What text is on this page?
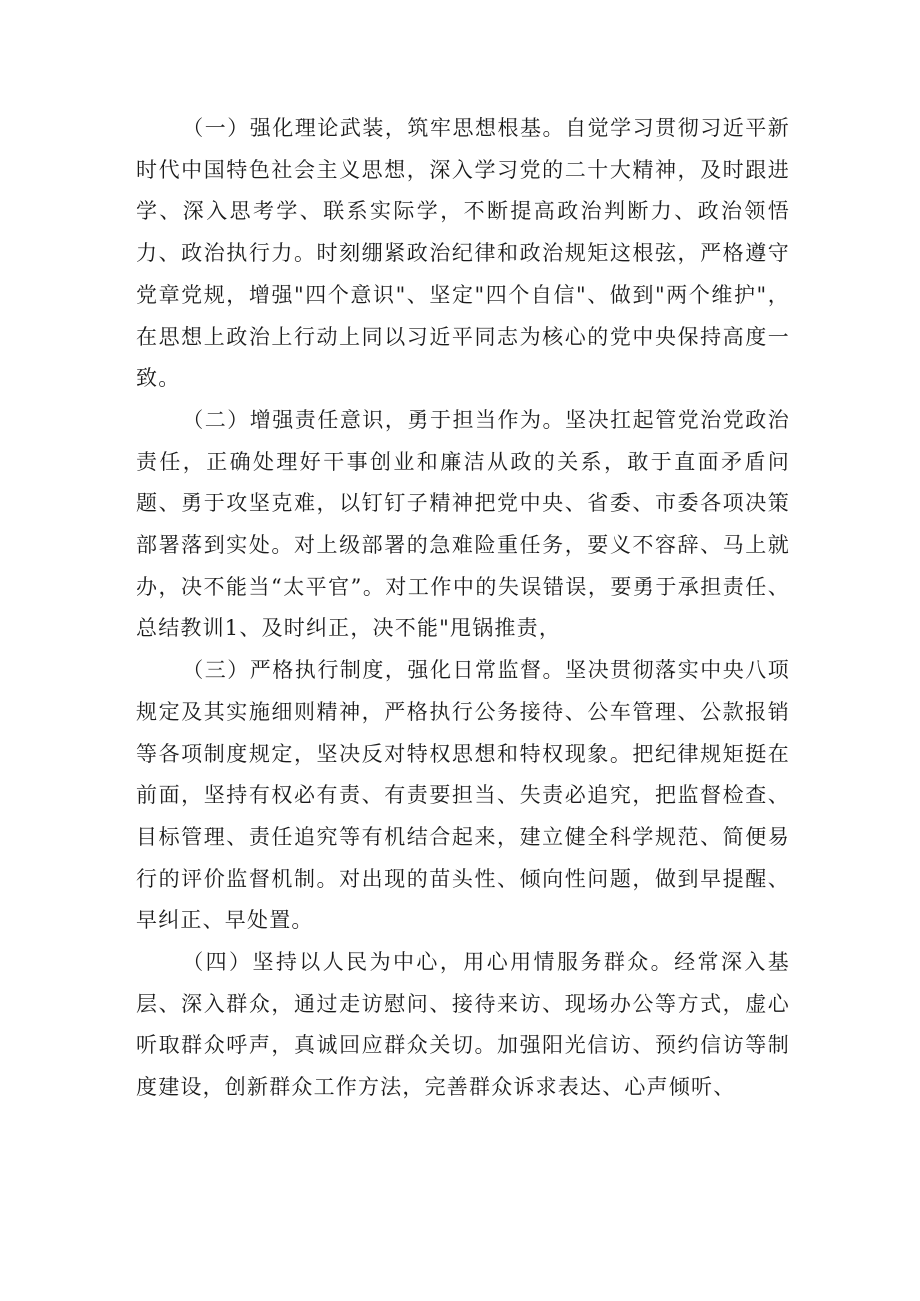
（一）强化理论武装，筑牢思想根基。自觉学习贯彻习近平新时代中国特色社会主义思想，深入学习党的二十大精神，及时跟进学、深入思考学、联系实际学，不断提高政治判断力、政治领悟力、政治执行力。时刻绷紧政治纪律和政治规矩这根弦，严格遵守党章党规，增强"四个意识"、坚定"四个自信"、做到"两个维护"，在思想上政治上行动上同以习近平同志为核心的党中央保持高度一致。

（二）增强责任意识，勇于担当作为。坚决扛起管党治党政治责任，正确处理好干事创业和廉洁从政的关系，敢于直面矛盾问题、勇于攻坚克难，以钉钉子精神把党中央、省委、市委各项决策部署落到实处。对上级部署的急难险重任务，要义不容辞、马上就办，决不能当“太平官”。对工作中的失误错误，要勇于承担责任、总结教训1、及时纠正，决不能"甩锅推责，

（三）严格执行制度，强化日常监督。坚决贯彻落实中央八项规定及其实施细则精神，严格执行公务接待、公车管理、公款报销等各项制度规定，坚决反对特权思想和特权现象。把纪律规矩挺在前面，坚持有权必有责、有责要担当、失责必追究，把监督检查、目标管理、责任追究等有机结合起来，建立健全科学规范、简便易行的评价监督机制。对出现的苗头性、倾向性问题，做到早提醒、早纠正、早处置。

（四）坚持以人民为中心，用心用情服务群众。经常深入基层、深入群众，通过走访慰问、接待来访、现场办公等方式，虚心听取群众呼声，真诚回应群众关切。加强阳光信访、预约信访等制度建设，创新群众工作方法，完善群众诉求表达、心声倾听、
